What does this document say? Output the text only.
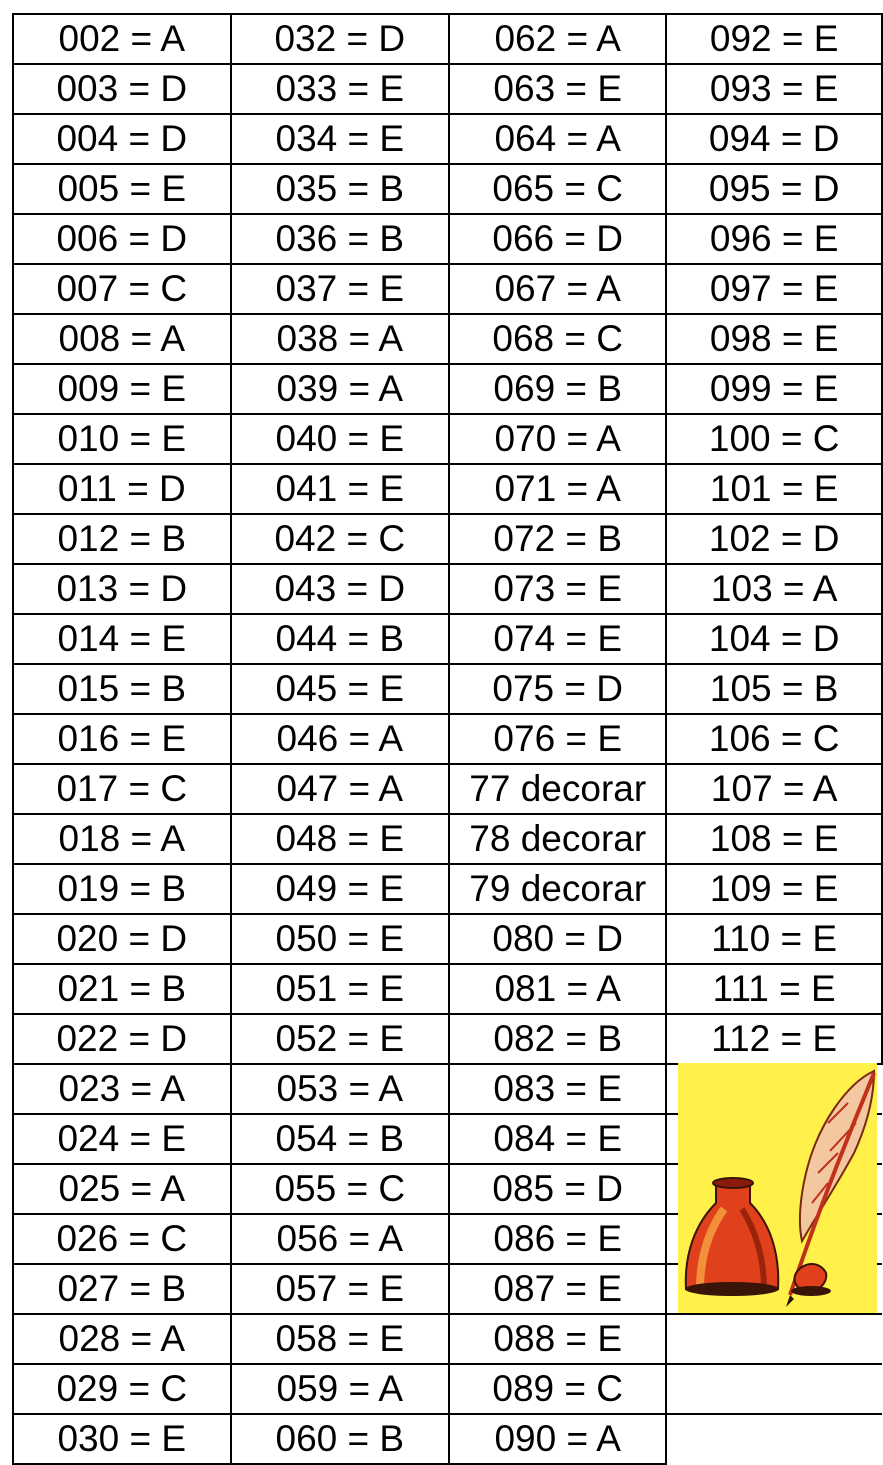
002 = A	032 = D	062 = A	092 = E
003 = D	033 = E	063 = E	093 = E
004 = D	034 = E	064 = A	094 = D
005 = E	035 = B	065 = C	095 = D
006 = D	036 = B	066 = D	096 = E
007 = C	037 = E	067 = A	097 = E
008 = A	038 = A	068 = C	098 = E
009 = E	039 = A	069 = B	099 = E
010 = E	040 = E	070 = A	100 = C
011 = D	041 = E	071 = A	101 = E
012 = B	042 = C	072 = B	102 = D
013 = D	043 = D	073 = E	103 = A
014 = E	044 = B	074 = E	104 = D
015 = B	045 = E	075 = D	105 = B
016 = E	046 = A	076 = E	106 = C
017 = C	047 = A	77 decorar	107 = A
018 = A	048 = E	78 decorar	108 = E
019 = B	049 = E	79 decorar	109 = E
020 = D	050 = E	080 = D	110 = E
021 = B	051 = E	081 = A	111 = E
022 = D	052 = E	082 = B	112 = E
023 = A	053 = A	083 = E	
024 = E	054 = B	084 = E	
025 = A	055 = C	085 = D	
026 = C	056 = A	086 = E	
027 = B	057 = E	087 = E	
028 = A	058 = E	088 = E	
029 = C	059 = A	089 = C	
030 = E	060 = B	090 = A	
